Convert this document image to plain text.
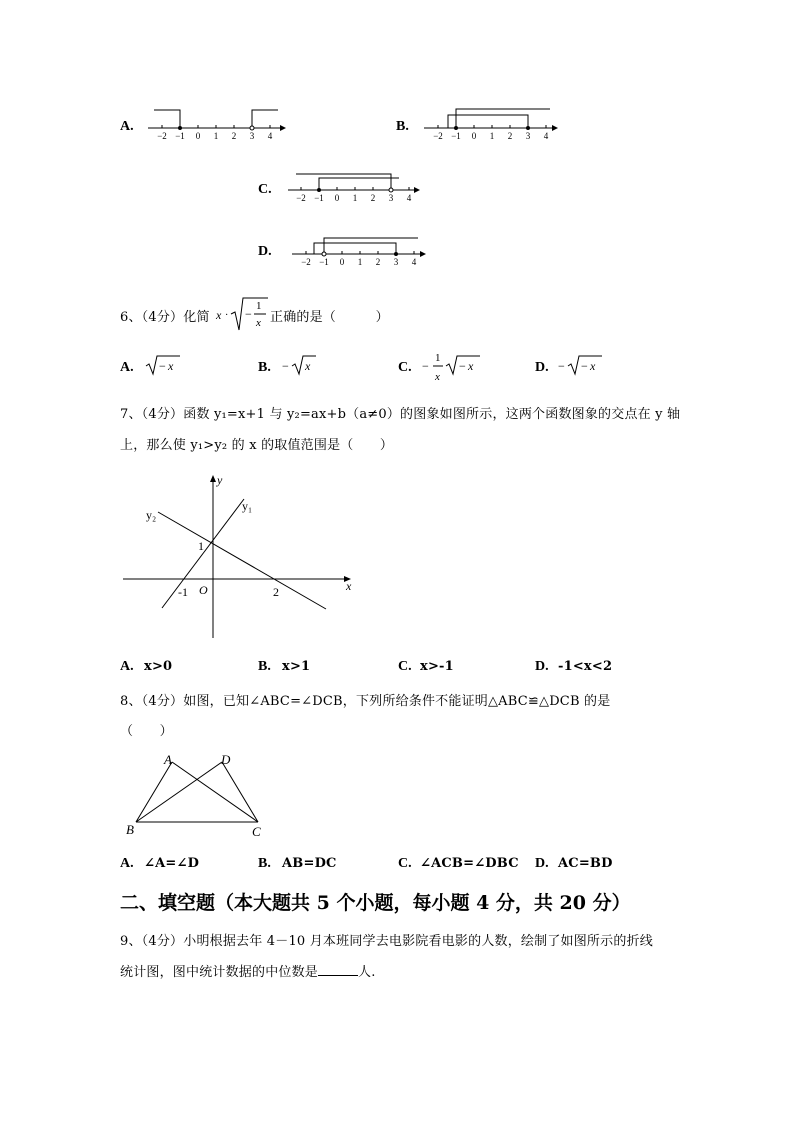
A.
−2 −1 0 1 2 3 4
B.
−2 −1 0 1 2 3 4
C.
−2 −1 0 1 2 3 4
D.
−2 −1 0 1 2 3 4
6、（4分）化简 x · −
1
x 正确的是（　　　）
A.
√−x
− x	B.
−√x
− x	C.
−(1/x)√−x
−
1
x
− x	D.
−√−x
− − x
7、（4分）函数 y₁=x+1 与 y₂=ax+b（a≠0）的图象如图所示，这两个函数图象的交点在 y 轴
上，那么使 y₁>y₂ 的 x 的取值范围是（　　）
y
x
O
y₁
y₂
1
-1	2
A. x>0	B. x>1	C. x>-1	D. -1<x<2
8、（4分）如图，已知∠ABC=∠DCB，下列所给条件不能证明△ABC≌△DCB 的是
（　　）
A	D
B	C
A. ∠A=∠D	B. AB=DC	C. ∠ACB=∠DBC D. AC=BD
二、填空题（本大题共 5 个小题，每小题 4 分，共 20 分）
9、（4分）小明根据去年 4－10 月本班同学去电影院看电影的人数，绘制了如图所示的折线
统计图，图中统计数据的中位数是	人.
